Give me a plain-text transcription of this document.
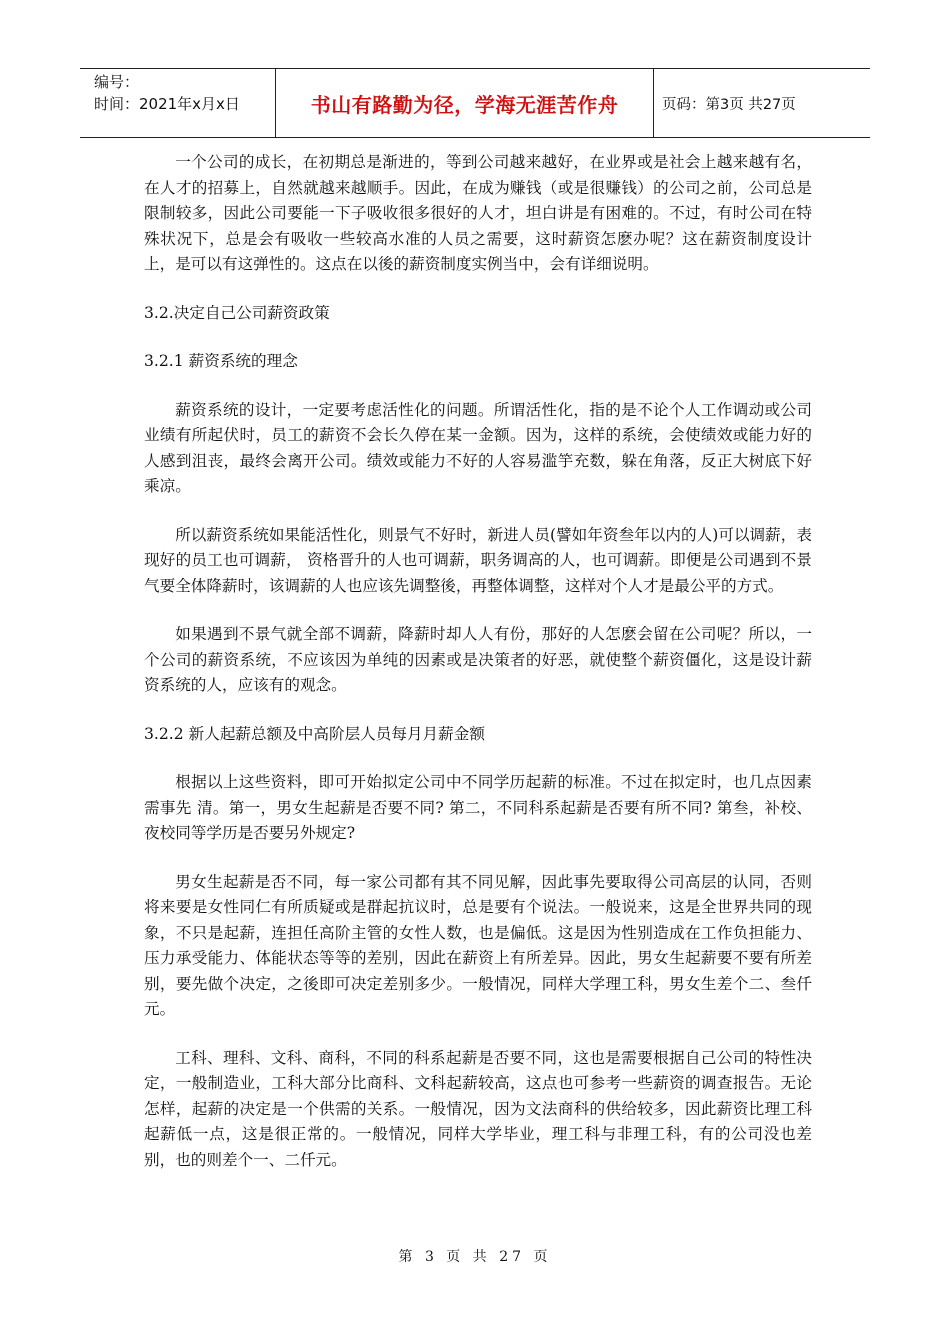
编号：
时间：2021年x月x日	书山有路勤为径，学海无涯苦作舟	页码：第3页 共27页

一个公司的成长，在初期总是渐进的，等到公司越来越好，在业界或是社会上越来越有名，在人才的招募上，自然就越来越顺手。因此，在成为赚钱（或是很赚钱）的公司之前，公司总是限制较多，因此公司要能一下子吸收很多很好的人才，坦白讲是有困难的。不过，有时公司在特殊状况下，总是会有吸收一些较高水准的人员之需要，这时薪资怎麽办呢？这在薪资制度设计上，是可以有这弹性的。这点在以後的薪资制度实例当中，会有详细说明。

3.2.决定自己公司薪资政策

3.2.1 薪资系统的理念

薪资系统的设计，一定要考虑活性化的问题。所谓活性化，指的是不论个人工作调动或公司业绩有所起伏时，员工的薪资不会长久停在某一金额。因为，这样的系统，会使绩效或能力好的人感到沮丧，最终会离开公司。绩效或能力不好的人容易滥竽充数，躲在角落，反正大树底下好乘凉。

所以薪资系统如果能活性化，则景气不好时，新进人员(譬如年资叁年以内的人)可以调薪，表现好的员工也可调薪， 资格晋升的人也可调薪，职务调高的人，也可调薪。即便是公司遇到不景气要全体降薪时，该调薪的人也应该先调整後，再整体调整，这样对个人才是最公平的方式。

如果遇到不景气就全部不调薪，降薪时却人人有份，那好的人怎麽会留在公司呢？所以，一个公司的薪资系统，不应该因为单纯的因素或是决策者的好恶，就使整个薪资僵化，这是设计薪资系统的人，应该有的观念。

3.2.2 新人起薪总额及中高阶层人员每月月薪金额

根据以上这些资料，即可开始拟定公司中不同学历起薪的标准。不过在拟定时，也几点因素需事先 清。第一，男女生起薪是否要不同? 第二，不同科系起薪是否要有所不同? 第叁，补校、夜校同等学历是否要另外规定?

男女生起薪是否不同，每一家公司都有其不同见解，因此事先要取得公司高层的认同，否则将来要是女性同仁有所质疑或是群起抗议时，总是要有个说法。一般说来，这是全世界共同的现象，不只是起薪，连担任高阶主管的女性人数，也是偏低。这是因为性别造成在工作负担能力、压力承受能力、体能状态等等的差别，因此在薪资上有所差异。因此，男女生起薪要不要有所差别，要先做个决定，之後即可决定差别多少。一般情况，同样大学理工科，男女生差个二、叁仟元。

工科、理科、文科、商科，不同的科系起薪是否要不同，这也是需要根据自己公司的特性决定，一般制造业，工科大部分比商科、文科起薪较高，这点也可参考一些薪资的调查报告。无论怎样，起薪的决定是一个供需的关系。一般情况，因为文法商科的供给较多，因此薪资比理工科起薪低一点，这是很正常的。一般情况，同样大学毕业，理工科与非理工科，有的公司没也差别，也的则差个一、二仟元。

第 3 页 共 27 页
